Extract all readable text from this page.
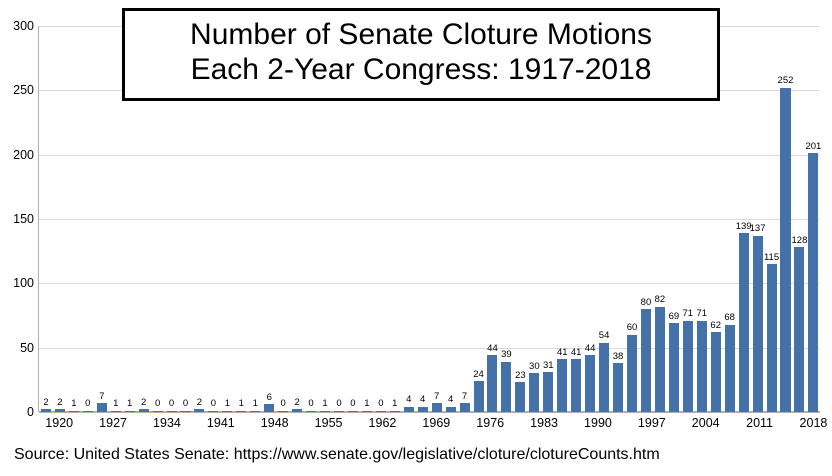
0
50
100
150
200
250
300
2 2 1 0
7
1 1 2 0 0 0 2 0 1 1 1
6
0 2 0 1 0 0 1 0 1 4 4 7 4 7
24
44
39
23
30 31
41 41 44
54
38
60
80 82
69 71 71
62
68
139
137
115
252
128
201
1920 1927 1934 1941 1948 1955 1962 1969 1976 1983 1990 1997 2004 2011 2018
Number of Senate Cloture Motions
Each 2-Year Congress: 1917-2018
Source: United States Senate: https://www.senate.gov/legislative/cloture/clotureCounts.htm
